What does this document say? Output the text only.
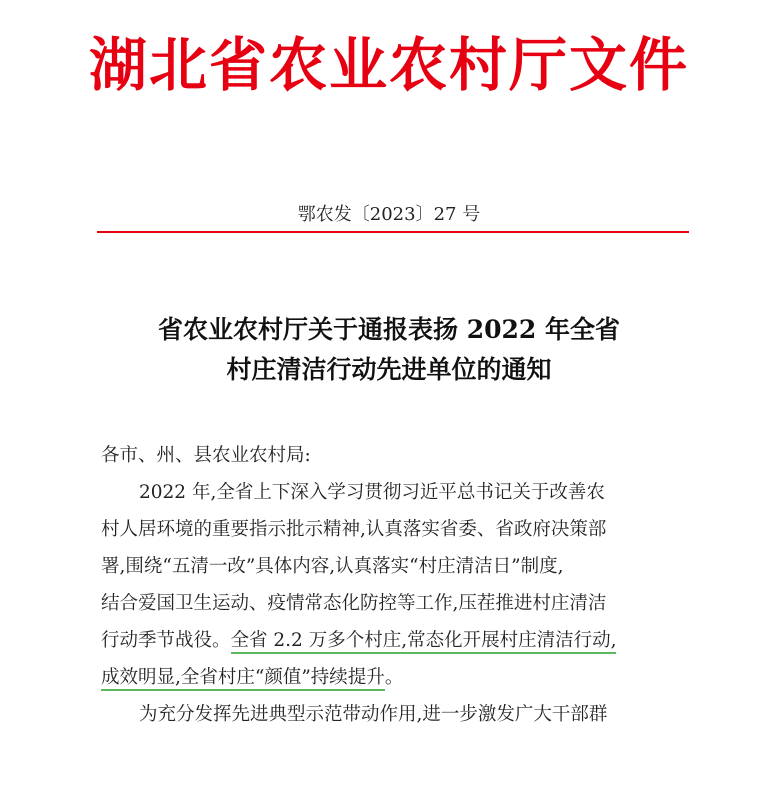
湖北省农业农村厅文件
鄂农发〔2023〕27 号
省农业农村厅关于通报表扬 2022 年全省
村庄清洁行动先进单位的通知
各市、州、县农业农村局:
2022 年,全省上下深入学习贯彻习近平总书记关于改善农
村人居环境的重要指示批示精神,认真落实省委、省政府决策部
署,围绕“五清一改”具体内容,认真落实“村庄清洁日”制度,
结合爱国卫生运动、疫情常态化防控等工作,压茬推进村庄清洁
行动季节战役。全省 2.2 万多个村庄,常态化开展村庄清洁行动,
成效明显,全省村庄“颜值”持续提升。
为充分发挥先进典型示范带动作用,进一步激发广大干部群
